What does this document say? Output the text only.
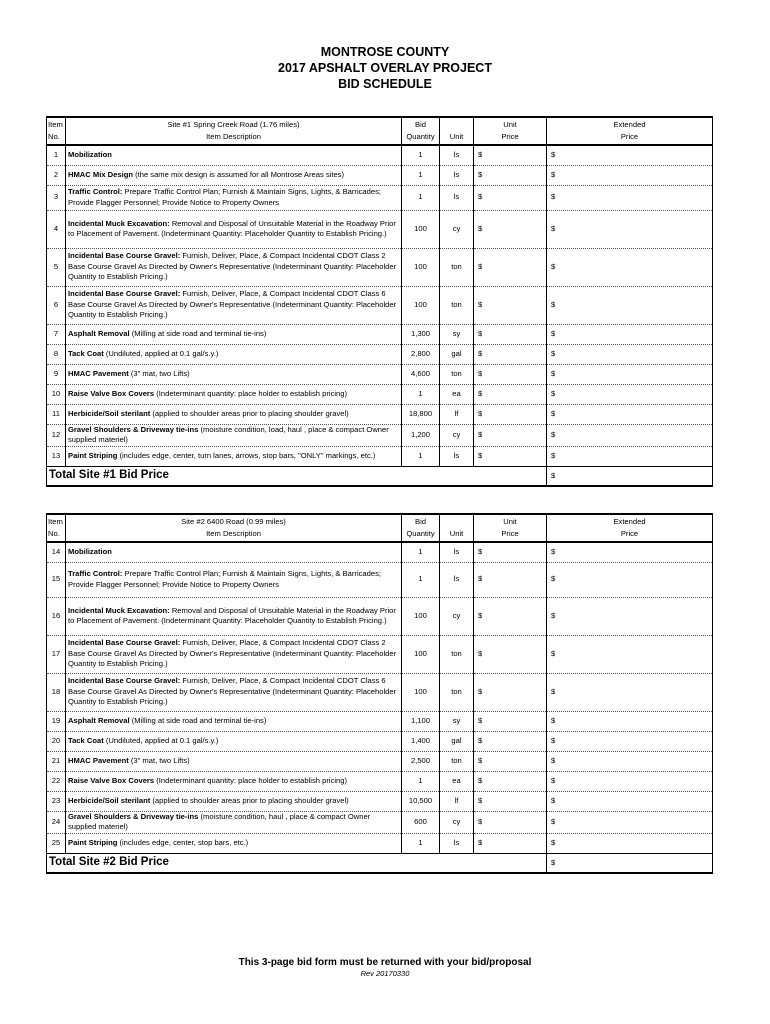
MONTROSE COUNTY
2017 APSHALT OVERLAY PROJECT
BID SCHEDULE
Item	Site #1 Spring Creek Road (1.76 miles)	Bid		Unit	Extended
No.	Item Description	Quantity	Unit	Price	Price
1	Mobilization	1	ls	$	$
2	HMAC Mix Design (the same mix design is assumed for all Montrose Areas sites)	1	ls	$	$
3	Traffic Control: Prepare Traffic Control Plan; Furnish & Maintain Signs, Lights, & Barricades; Provide Flagger Personnel; Provide Notice to Property Owners	1	ls	$	$
4	Incidental Muck Excavation: Removal and Disposal of Unsuitable Material in the Roadway Prior to Placement of Pavement. (Indeterminant Quantity: Placeholder Quantity to Establish Pricing.)	100	cy	$	$
5	Incidental Base Course Gravel: Furnish, Deliver, Place, & Compact Incidental CDOT Class 2 Base Course Gravel As Directed by Owner's Representative (Indeterminant Quantity: Placeholder Quantity to Establish Pricing.)	100	ton	$	$
6	Incidental Base Course Gravel: Furnish, Deliver, Place, & Compact Incidental CDOT Class 6 Base Course Gravel As Directed by Owner's Representative (Indeterminant Quantity: Placeholder Quantity to Establish Pricing.)	100	ton	$	$
7	Asphalt Removal (Milling at side road and terminal tie-ins)	1,300	sy	$	$
8	Tack Coat (Undiluted, applied at 0.1 gal/s.y.)	2,800	gal	$	$
9	HMAC Pavement (3" mat, two Lifts)	4,600	ton	$	$
10	Raise Valve Box Covers (Indeterminant quantity: place holder to establish pricing)	1	ea	$	$
11	Herbicide/Soil sterilant (applied to shoulder areas prior to placing shoulder gravel)	18,800	lf	$	$
12	Gravel Shoulders & Driveway tie-ins (moisture condition, load, haul , place & compact Owner supplied materiel)	1,200	cy	$	$
13	Paint Striping (includes edge, center, turn lanes, arrows, stop bars, "ONLY" markings, etc.)	1	ls	$	$
Total Site #1 Bid Price					$
Item	Site #2 6400 Road (0.99 miles)	Bid		Unit	Extended
No.	Item Description	Quantity	Unit	Price	Price
14	Mobilization	1	ls	$	$
15	Traffic Control: Prepare Traffic Control Plan; Furnish & Maintain Signs, Lights, & Barricades; Provide Flagger Personnel; Provide Notice to Property Owners	1	ls	$	$
16	Incidental Muck Excavation: Removal and Disposal of Unsuitable Material in the Roadway Prior to Placement of Pavement. (Indeterminant Quantity: Placeholder Quantity to Establish Pricing.)	100	cy	$	$
17	Incidental Base Course Gravel: Furnish, Deliver, Place, & Compact Incidental CDOT Class 2 Base Course Gravel As Directed by Owner's Representative (Indeterminant Quantity: Placeholder Quantity to Establish Pricing.)	100	ton	$	$
18	Incidental Base Course Gravel: Furnish, Deliver, Place, & Compact Incidental CDOT Class 6 Base Course Gravel As Directed by Owner's Representative (Indeterminant Quantity: Placeholder Quantity to Establish Pricing.)	100	ton	$	$
19	Asphalt Removal (Milling at side road and terminal tie-ins)	1,100	sy	$	$
20	Tack Coat (Undiluted, applied at 0.1 gal/s.y.)	1,400	gal	$	$
21	HMAC Pavement (3" mat, two Lifts)	2,500	ton	$	$
22	Raise Valve Box Covers (Indeterminant quantity: place holder to establish pricing)	1	ea	$	$
23	Herbicide/Soil sterilant (applied to shoulder areas prior to placing shoulder gravel)	10,500	lf	$	$
24	Gravel Shoulders & Driveway tie-ins (moisture condition, haul , place & compact Owner supplied materiel)	600	cy	$	$
25	Paint Striping (includes edge, center, stop bars, etc.)	1	ls	$	$
Total Site #2 Bid Price					$
This 3-page bid form must be returned with your bid/proposal
Rev 20170330
